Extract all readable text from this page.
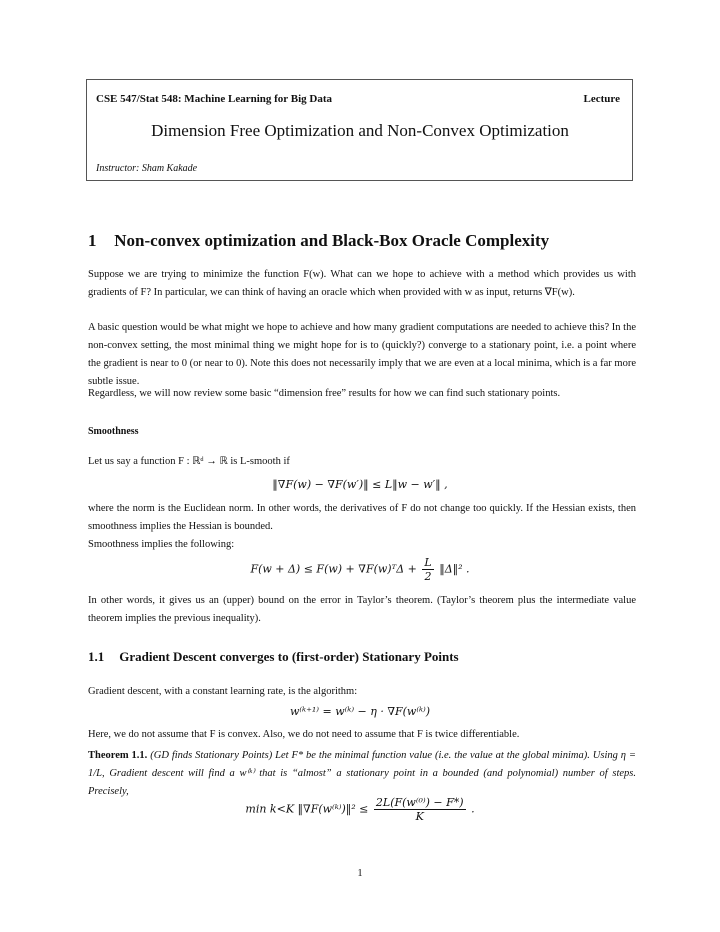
CSE 547/Stat 548: Machine Learning for Big Data	Lecture
Dimension Free Optimization and Non-Convex Optimization
Instructor: Sham Kakade
1 Non-convex optimization and Black-Box Oracle Complexity

Suppose we are trying to minimize the function F(w). What can we hope to achieve with a method which provides us with gradients of F? In particular, we can think of having an oracle which when provided with w as input, returns ∇F(w).

A basic question would be what might we hope to achieve and how many gradient computations are needed to achieve this? In the non-convex setting, the most minimal thing we might hope for is to (quickly?) converge to a stationary point, i.e. a point where the gradient is near to 0 (or near to 0). Note this does not necessarily imply that we are even at a local minima, which is a far more subtle issue.

Regardless, we will now review some basic “dimension free” results for how we can find such stationary points.

Smoothness

Let us say a function F : ℝᵈ → ℝ is L-smooth if

‖∇F(w) − ∇F(w′)‖ ≤ L‖w − w′‖ ,

where the norm is the Euclidean norm. In other words, the derivatives of F do not change too quickly. If the Hessian exists, then smoothness implies the Hessian is bounded.

Smoothness implies the following:

F(w + Δ) ≤ F(w) + ∇F(w)ᵀΔ + $\frac{L}{2}$ ‖Δ‖² .

In other words, it gives us an (upper) bound on the error in Taylor’s theorem. (Taylor’s theorem plus the intermediate value theorem implies the previous inequality).

1.1 Gradient Descent converges to (first-order) Stationary Points

Gradient descent, with a constant learning rate, is the algorithm:

w⁽ᵏ⁺¹⁾ = w⁽ᵏ⁾ − η · ∇F(w⁽ᵏ⁾)

Here, we do not assume that F is convex. Also, we do not need to assume that F is twice differentiable.

Theorem 1.1. (GD finds Stationary Points) Let F* be the minimal function value (i.e. the value at the global minima). Using η = 1/L, Gradient descent will find a w⁽ᵏ⁾ that is “almost” a stationary point in a bounded (and polynomial) number of steps. Precisely,

min k<K ‖∇F(w⁽ᵏ⁾)‖² ≤ $\frac{\text{2L(F(w⁽⁰⁾) − F*)}}{K}$ .
1
